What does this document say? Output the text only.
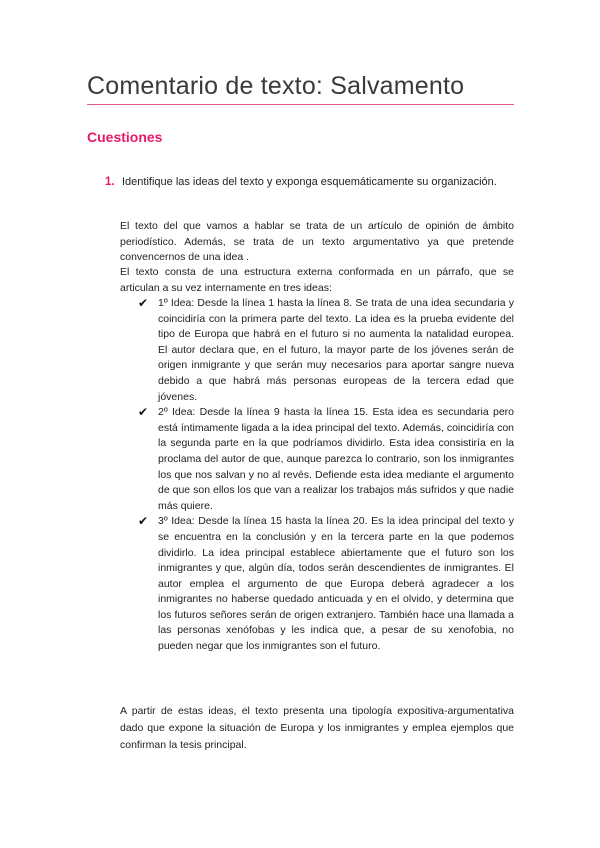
Comentario de texto: Salvamento
Cuestiones
1. Identifique las ideas del texto y exponga esquemáticamente su organización.
El texto del que vamos a hablar se trata de un artículo de opinión de ámbito periodístico. Además, se trata de un texto argumentativo ya que pretende convencernos de una idea .
El texto consta de una estructura externa conformada en un párrafo, que se articulan a su vez internamente en tres ideas:
✔ 1º Idea: Desde la línea 1 hasta la línea 8. Se trata de una idea secundaria y coincidiría con la primera parte del texto. La idea es la prueba evidente del tipo de Europa que habrá en el futuro si no aumenta la natalidad europea. El autor declara que, en el futuro, la mayor parte de los jóvenes serán de origen inmigrante y que serán muy necesarios para aportar sangre nueva debido a que habrá más personas europeas de la tercera edad que jóvenes.
✔ 2º Idea: Desde la línea 9 hasta la línea 15. Esta idea es secundaria pero está íntimamente ligada a la idea principal del texto. Además, coincidiría con la segunda parte en la que podríamos dividirlo. Esta idea consistiría en la proclama del autor de que, aunque parezca lo contrario, son los inmigrantes los que nos salvan y no al revés. Defiende esta idea mediante el argumento de que son ellos los que van a realizar los trabajos más sufridos y que nadie más quiere.
✔ 3º Idea: Desde la línea 15 hasta la línea 20. Es la idea principal del texto y se encuentra en la conclusión y en la tercera parte en la que podemos dividirlo. La idea principal establece abiertamente que el futuro son los inmigrantes y que, algún día, todos serán descendientes de inmigrantes. El autor emplea el argumento de que Europa deberá agradecer a los inmigrantes no haberse quedado anticuada y en el olvido, y determina que los futuros señores serán de origen extranjero. También hace una llamada a las personas xenófobas y les indica que, a pesar de su xenofobia, no pueden negar que los inmigrantes son el futuro.
A partir de estas ideas, el texto presenta una tipología expositiva-argumentativa dado que expone la situación de Europa y los inmigrantes y emplea ejemplos que confirman la tesis principal.
